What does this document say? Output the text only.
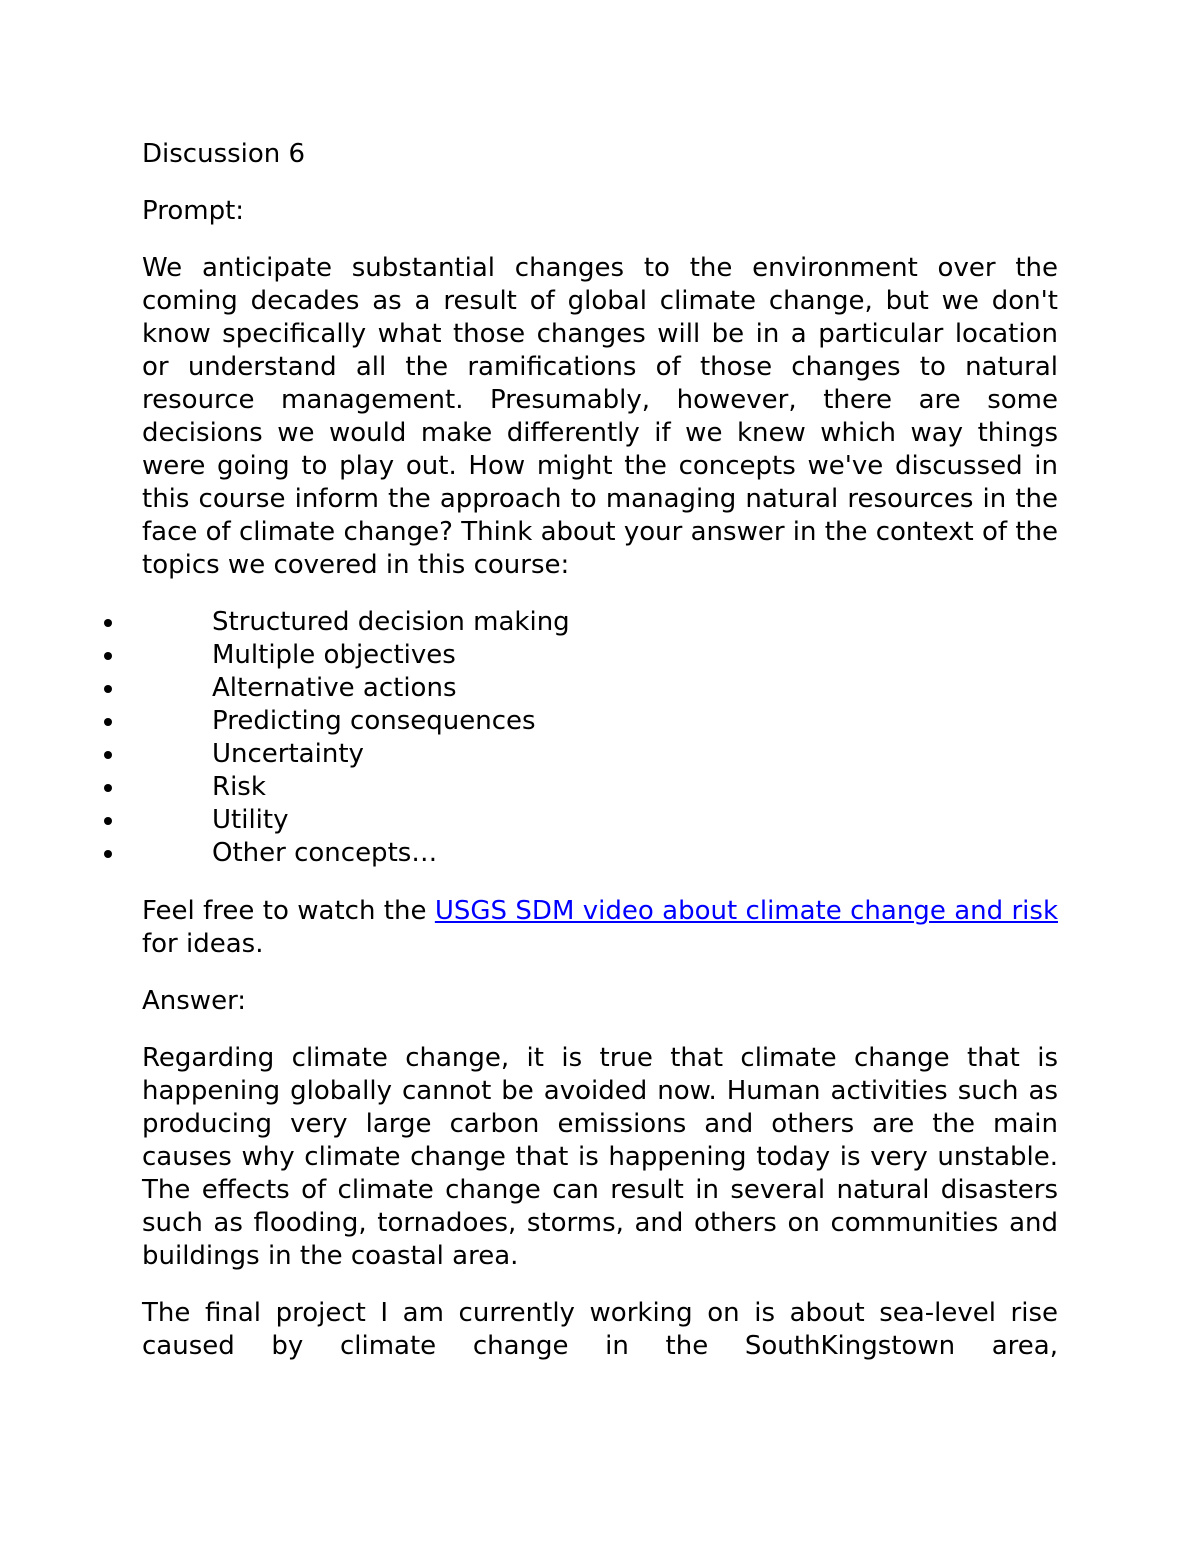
Discussion 6

Prompt:

We anticipate substantial changes to the environment over the coming decades as a result of global climate change, but we don't know specifically what those changes will be in a particular location or understand all the ramifications of those changes to natural resource management. Presumably, however, there are some decisions we would make differently if we knew which way things were going to play out. How might the concepts we've discussed in this course inform the approach to managing natural resources in the face of climate change? Think about your answer in the context of the topics we covered in this course:

Structured decision making
Multiple objectives
Alternative actions
Predicting consequences
Uncertainty
Risk
Utility
Other concepts…

Feel free to watch the USGS SDM video about climate change and risk for ideas.

Answer:

Regarding climate change, it is true that climate change that is happening globally cannot be avoided now. Human activities such as producing very large carbon emissions and others are the main causes why climate change that is happening today is very unstable. The effects of climate change can result in several natural disasters such as flooding, tornadoes, storms, and others on communities and buildings in the coastal area.

The final project I am currently working on is about sea-level rise caused by climate change in the SouthKingstown area,
